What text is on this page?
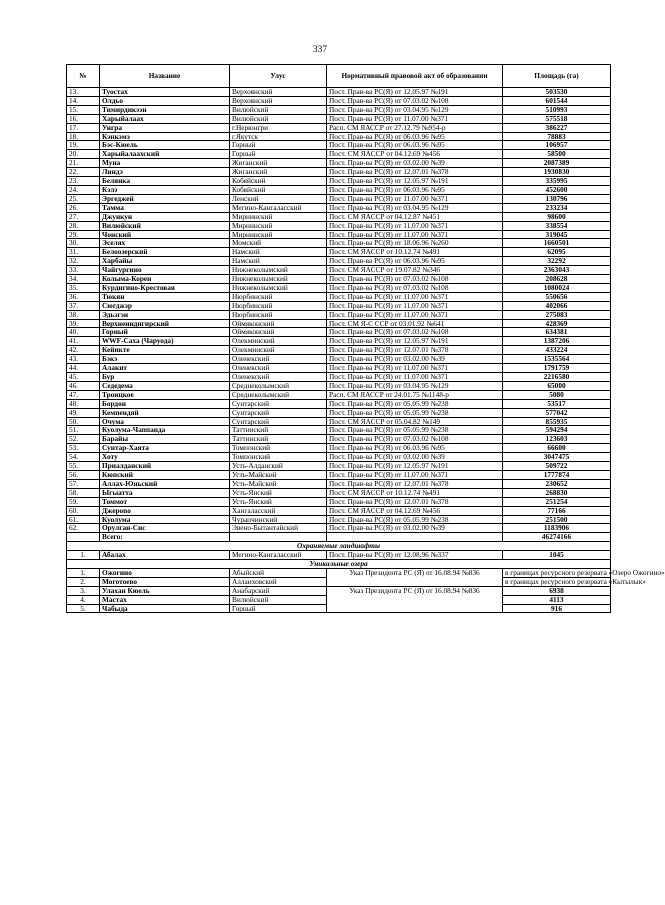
337
№	Название	Улус	Нормативный правовой акт об образовании	Площадь (га)
13.	Туостах	Верхоянский	Пост. Прав-ва РС(Я) от 12.05.97 №191	503530
14.	Олдьо	Верхоянский	Пост. Прав-ва РС(Я) от 07.03.02 №108	601544
15.	Тимирдикээн	Вилюйский	Пост. Прав-ва РС(Я) от 03.04.95 №129	510993
16.	Харыйалаах	Вилюйский	Пост. Прав-ва РС(Я) от 11.07.00 №371	575518
17.	Унгра	г.Нерюнгри	Расп. СМ ЯАССР от 27.12.79 №954-р	386227
18.	Кэнкэмэ	г.Якутск	Пост. Прав-ва РС(Я) от 06.03.96 №95	78883
19.	Бэс-Кюель	Горный	Пост. Прав-ва РС(Я) от 06.03.96 №95	106957
20.	Харыйалаахский	Горный	Пост. СМ ЯАССР от 04.12.69 №456	58500
21.	Муна	Жиганский	Пост. Прав-ва РС(Я) от 03.02.00 №39	2087389
22.	Линдэ	Жиганский	Пост. Прав-ва РС(Я) от 12.07.01 №378	1930830
23.	Белянка	Кобяйский	Пост. Прав-ва РС(Я) от 12.05.97 №191	335995
24.	Кэлэ	Кобяйский	Пост. Прав-ва РС(Я) от 06.03.96 №95	452600
25.	Эргеджей	Ленский	Пост. Прав-ва РС(Я) от 11.07.00 №371	130796
26.	Тамма	Мегино-Кангаласский	Пост. Прав-ва РС(Я) от 03.04.95 №129	233234
27.	Джункун	Мирнинский	Пост. СМ ЯАССР от 04.12.87 №451	98600
28.	Вилюйский	Мирнинский	Пост. Прав-ва РС(Я) от 11.07.00 №371	338554
29.	Чонский	Мирнинский	Пост. Прав-ва РС(Я) от 11.07.00 №371	319045
30.	Эселях	Момский	Пост. Прав-ва РС(Я) от 18.06.96 №260	1660501
31.	Белоозерский	Намский	Пост. СМ ЯАССР от 10.12.74 №491	62095
32.	Харбайы	Намский	Пост. Прав-ва РС(Я) от 06.03.96 №95	32292
33.	Чайгургино	Нижнеколымский	Пост. СМ ЯАССР от 19.07.82 №346	2363043
34.	Колыма-Корен	Нижнеколымский	Пост. Прав-ва РС(Я) от 07.03.02 №108	208628
35.	Курдигино-Крестовая	Нижнеколымский	Пост. Прав-ва РС(Я) от 07.03.02 №108	1080024
36.	Тюкян	Нюрбинский	Пост. Прав-ва РС(Я) от 11.07.00 №371	550656
37.	Сюгджэр	Нюрбинский	Пост. Прав-ва РС(Я) от 11.07.00 №371	402066
38.	Эдьэгэн	Нюрбинский	Пост. Прав-ва РС(Я) от 11.07.00 №371	275083
39.	Верхнеиндигирский	Оймяконский	Пост. СМ Я-С ССР от 03.01.92 №641	428369
40.	Горный	Оймяконский	Пост. Прав-ва РС(Я) от 07.03.02 №108	634381
41.	WWF-Саха (Чаруода)	Олекминский	Пост. Прав-ва РС(Я) от 12.05.97 №191	1387206
42.	Кейикте	Олекминский	Пост. Прав-ва РС(Я) от 12.07.01 №378	433224
43.	Бэкэ	Оленекский	Пост. Прав-ва РС(Я) от 03.02.00 №39	1535564
44.	Алакит	Оленекский	Пост. Прав-ва РС(Я) от 11.07.00 №371	1791759
45.	Бур	Оленекский	Пост. Прав-ва РС(Я) от 11.07.00 №371	2216580
46.	Седедема	Среднеколымский	Пост. Прав-ва РС(Я) от 03.04.95 №129	65000
47.	Троицкое	Среднеколымский	Расп. СМ ЯАССР от 24.01.75 №1148-р	5080
48.	Бордон	Сунтарский	Пост. Прав-ва РС(Я) от 05.05.99 №238	53517
49.	Кемпендяй	Сунтарский	Пост. Прав-ва РС(Я) от 05.05.99 №238	577042
50.	Очума	Сунтарский	Пост. СМ ЯАССР от 05.04.82 №149	855935
51.	Куолума-Чаппанда	Таттинский	Пост. Прав-ва РС(Я) от 05.05.99 №238	594294
52.	Барайы	Таттинский	Пост. Прав-ва РС(Я) от 07.03.02 №108	123603
53.	Сунтар-Хаята	Томпонский	Пост. Прав-ва РС(Я) от 06.03.96 №95	66600
54.	Хоту	Томпонский	Пост. Прав-ва РС(Я) от 03.02.00 №39	3047475
55.	Приалданский	Усть-Алданский	Пост. Прав-ва РС(Я) от 12.05.97 №191	509722
56.	Кюпский	Усть-Майский	Пост. Прав-ва РС(Я) от 11.07.00 №371	1777874
57.	Аллах-Юньский	Усть-Майский	Пост. Прав-ва РС(Я) от 12.07.01 №378	230652
58.	Ыгыатта	Усть-Янский	Пост. СМ ЯАССР от 10.12.74 №491	268830
59.	Томмот	Усть-Янский	Пост. Прав-ва РС(Я) от 12.07.01 №378	251254
60.	Джерono	Хангаласский	Пост. СМ ЯАССР от 04.12.69 №456	77166
61.	Куолума	Чурапчинский	Пост. Прав-ва РС(Я) от 05.05.99 №238	251500
62.	Орулган-Сис	Эвено-Бытантайский	Пост. Прав-ва РС(Я) от 03.02.00 №39	1183906
	Всего:			46274166
Охраняемые ландшафты				
1.	Абалах	Мегино-Кангаласский	Пост. Прав-ва РС(Я) от 12.08.96 №337	1045
Уникальные озера				
1.	Ожогино	Абыйский	Указ Президента РС (Я) от 16.08.94 №836	в границах ресурсного резервата «Озеро Ожогино»
2.	Моготоево	Аллаиховский		в границах ресурсного резервата «Кытылык»
3.	Улахан Кюель	Анабарский	Указ Президента РС (Я) от 16.08.94 №836	6938
4.	Мастах	Вилюйский		4113
5.	Чабыда	Горный		916
